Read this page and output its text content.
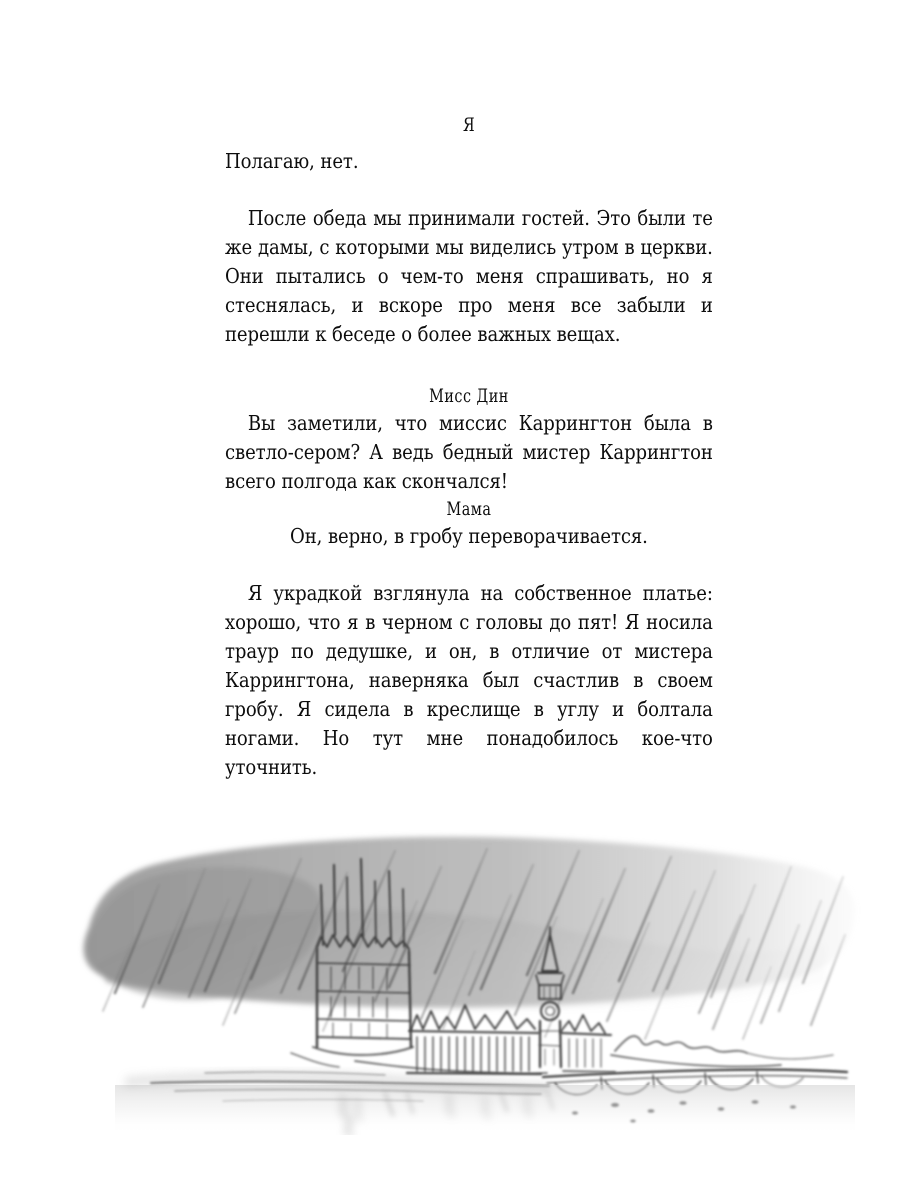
Я

Полагаю, нет.

После обеда мы принимали гостей. Это были те же дамы, с которыми мы виделись утром в церкви. Они пытались о чем-то меня спрашивать, но я стеснялась, и вскоре про меня все забыли и перешли к беседе о более важных вещах.

Мисс Дин

Вы заметили, что миссис Каррингтон была в светло-сером? А ведь бедный мистер Каррингтон всего полгода как скончался!

Мама

Он, верно, в гробу переворачивается.

Я украдкой взглянула на собственное платье: хорошо, что я в черном с головы до пят! Я носила траур по дедушке, и он, в отличие от мистера Каррингтона, наверняка был счастлив в своем гробу. Я сидела в креслище в углу и болтала ногами. Но тут мне понадобилось кое-что уточнить.
